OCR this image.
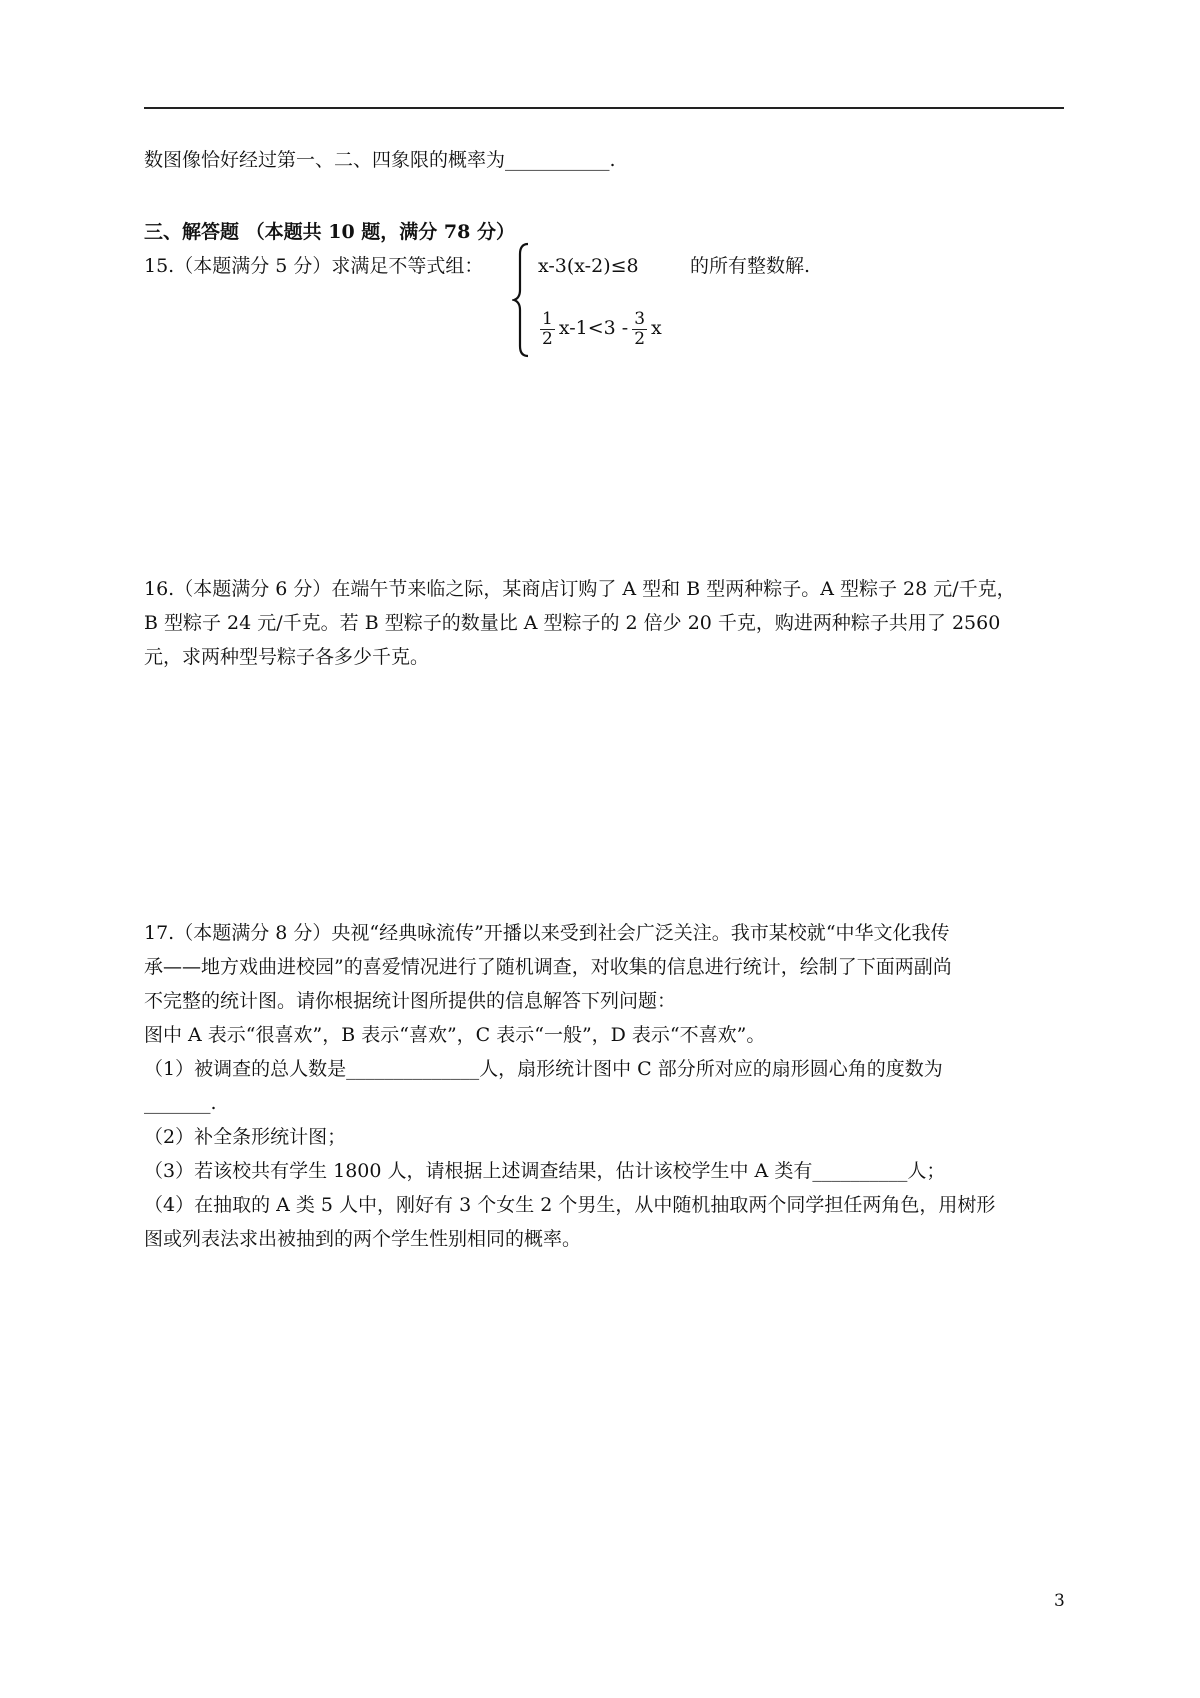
数图像恰好经过第一、二、四象限的概率为___________.
三、解答题 （本题共 10 题，满分 78 分）
15.（本题满分 5 分）求满足不等式组：	x-3(x-2)≤8	的所有整数解.
$\frac{1}{2} x-1<3 - \frac{3}{2}$ x
16.（本题满分 6 分）在端午节来临之际，某商店订购了 A 型和 B 型两种粽子。A 型粽子 28 元/千克，
B 型粽子 24 元/千克。若 B 型粽子的数量比 A 型粽子的 2 倍少 20 千克，购进两种粽子共用了 2560
元，求两种型号粽子各多少千克。
17.（本题满分 8 分）央视“经典咏流传”开播以来受到社会广泛关注。我市某校就“中华文化我传
承——地方戏曲进校园”的喜爱情况进行了随机调查，对收集的信息进行统计，绘制了下面两副尚
不完整的统计图。请你根据统计图所提供的信息解答下列问题：
图中 A 表示“很喜欢”，B 表示“喜欢”，C 表示“一般”，D 表示“不喜欢”。
（1）被调查的总人数是______________人，扇形统计图中 C 部分所对应的扇形圆心角的度数为
_______.
（2）补全条形统计图；
（3）若该校共有学生 1800 人，请根据上述调查结果，估计该校学生中 A 类有__________人；
（4）在抽取的 A 类 5 人中，刚好有 3 个女生 2 个男生，从中随机抽取两个同学担任两角色，用树形
图或列表法求出被抽到的两个学生性别相同的概率。
3
